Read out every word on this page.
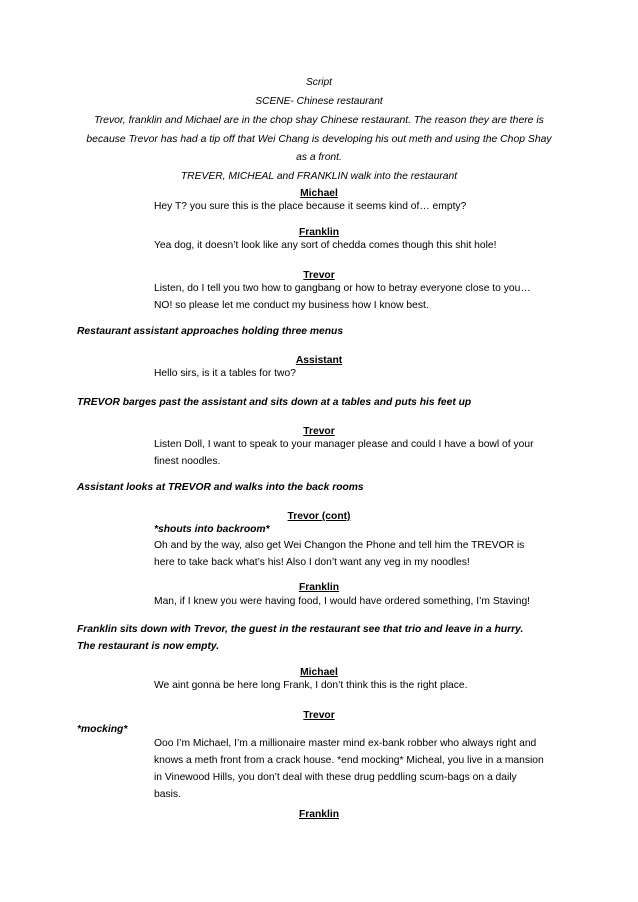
Script
SCENE- Chinese restaurant
Trevor, franklin and Michael are in the chop shay Chinese restaurant. The reason they are there is
because Trevor has had a tip off that Wei Chang is developing his out meth and using the Chop Shay
as a front.
TREVER, MICHEAL and FRANKLIN walk into the restaurant
Michael
Hey T? you sure this is the place because it seems kind of… empty?
Franklin
Yea dog, it doesn’t look like any sort of chedda comes though this shit hole!
Trevor
Listen, do I tell you two how to gangbang or how to betray everyone close to you…
NO! so please let me conduct my business how I know best.
Restaurant assistant approaches holding three menus
Assistant
Hello sirs, is it a tables for two?
TREVOR barges past the assistant and sits down at a tables and puts his feet up
Trevor
Listen Doll, I want to speak to your manager please and could I have a bowl of your
finest noodles.
Assistant looks at TREVOR and walks into the back rooms
Trevor (cont)
*shouts into backroom*
Oh and by the way, also get Wei Changon the Phone and tell him the TREVOR is
here to take back what’s his! Also I don’t want any veg in my noodles!
Franklin
Man, if I knew you were having food, I would have ordered something, I’m Staving!
Franklin sits down with Trevor, the guest in the restaurant see that trio and leave in a hurry.
The restaurant is now empty.
Michael
We aint gonna be here long Frank, I don’t think this is the right place.
Trevor
*mocking*
Ooo I’m Michael, I’m a millionaire master mind ex-bank robber who always right and
knows a meth front from a crack house. *end mocking* Micheal, you live in a mansion
in Vinewood Hills, you don’t deal with these drug peddling scum-bags on a daily
basis.
Franklin
